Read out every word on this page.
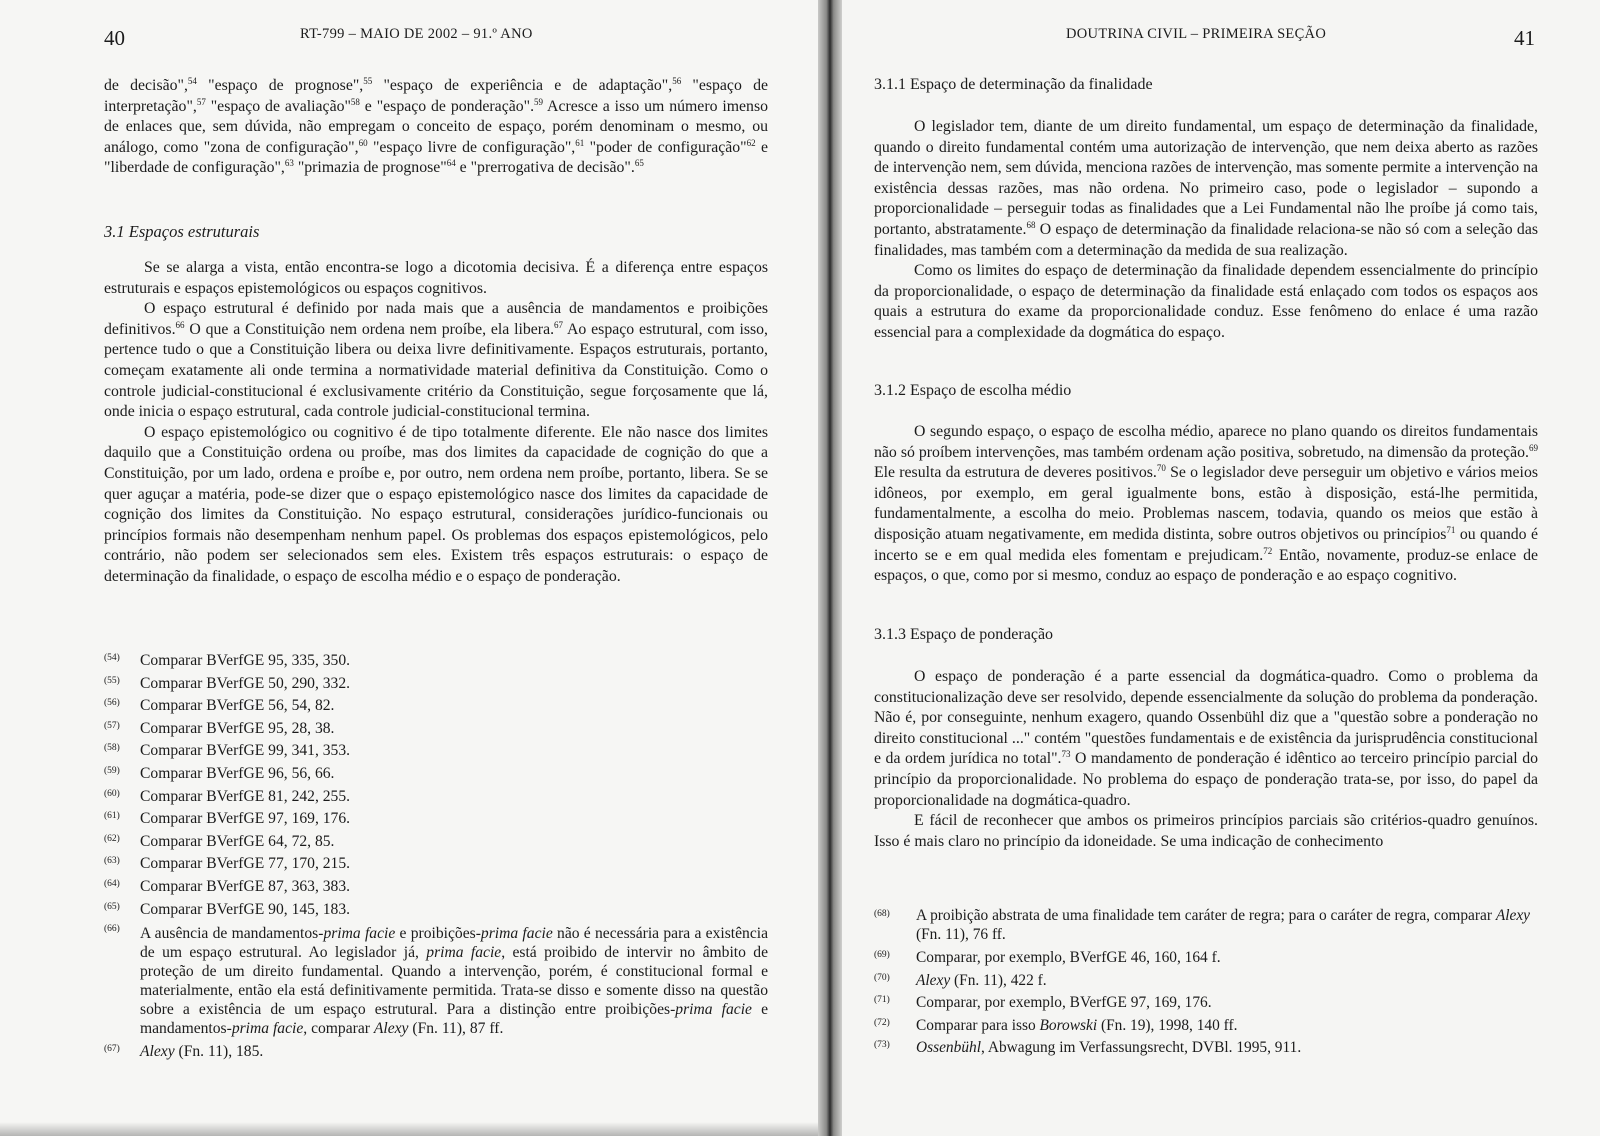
40	RT-799 – MAIO DE 2002 – 91.º ANO

de decisão",$^{54}$ "espaço de prognose",$^{55}$ "espaço de experiência e de adaptação",$^{56}$ "espaço de interpretação",$^{57}$ "espaço de avaliação"$^{58}$ e "espaço de ponderação".$^{59}$ Acresce a isso um número imenso de enlaces que, sem dúvida, não empregam o conceito de espaço, porém denominam o mesmo, ou análogo, como "zona de configuração",$^{60}$ "espaço livre de configuração",$^{61}$ "poder de configuração"$^{62}$ e "liberdade de configuração",$^{63}$ "primazia de prognose"$^{64}$ e "prerrogativa de decisão".$^{65}$

3.1 Espaços estruturais

Se se alarga a vista, então encontra-se logo a dicotomia decisiva. É a diferença entre espaços estruturais e espaços epistemológicos ou espaços cognitivos.

O espaço estrutural é definido por nada mais que a ausência de mandamentos e proibições definitivos.$^{66}$ O que a Constituição nem ordena nem proíbe, ela libera.$^{67}$ Ao espaço estrutural, com isso, pertence tudo o que a Constituição libera ou deixa livre definitivamente. Espaços estruturais, portanto, começam exatamente ali onde termina a normatividade material definitiva da Constituição. Como o controle judicial-constitucional é exclusivamente critério da Constituição, segue forçosamente que lá, onde inicia o espaço estrutural, cada controle judicial-constitucional termina.

O espaço epistemológico ou cognitivo é de tipo totalmente diferente. Ele não nasce dos limites daquilo que a Constituição ordena ou proíbe, mas dos limites da capacidade de cognição do que a Constituição, por um lado, ordena e proíbe e, por outro, nem ordena nem proíbe, portanto, libera. Se se quer aguçar a matéria, pode-se dizer que o espaço epistemológico nasce dos limites da capacidade de cognição dos limites da Constituição. No espaço estrutural, considerações jurídico-funcionais ou princípios formais não desempenham nenhum papel. Os problemas dos espaços epistemológicos, pelo contrário, não podem ser selecionados sem eles. Existem três espaços estruturais: o espaço de determinação da finalidade, o espaço de escolha médio e o espaço de ponderação.

(54)	Comparar BVerfGE 95, 335, 350.
(55)	Comparar BVerfGE 50, 290, 332.
(56)	Comparar BVerfGE 56, 54, 82.
(57)	Comparar BVerfGE 95, 28, 38.
(58)	Comparar BVerfGE 99, 341, 353.
(59)	Comparar BVerfGE 96, 56, 66.
(60)	Comparar BVerfGE 81, 242, 255.
(61)	Comparar BVerfGE 97, 169, 176.
(62)	Comparar BVerfGE 64, 72, 85.
(63)	Comparar BVerfGE 77, 170, 215.
(64)	Comparar BVerfGE 87, 363, 383.
(65)	Comparar BVerfGE 90, 145, 183.
(66)	A ausência de mandamentos-prima facie e proibições-prima facie não é necessária para a existência de um espaço estrutural. Ao legislador já, prima facie, está proibido de intervir no âmbito de proteção de um direito fundamental. Quando a intervenção, porém, é constitucional formal e materialmente, então ela está definitivamente permitida. Trata-se disso e somente disso na questão sobre a existência de um espaço estrutural. Para a distinção entre proibições-prima facie e mandamentos-prima facie, comparar Alexy (Fn. 11), 87 ff.
(67)	Alexy (Fn. 11), 185.
DOUTRINA CIVIL – PRIMEIRA SEÇÃO	41

3.1.1 Espaço de determinação da finalidade

O legislador tem, diante de um direito fundamental, um espaço de determinação da finalidade, quando o direito fundamental contém uma autorização de intervenção, que nem deixa aberto as razões de intervenção nem, sem dúvida, menciona razões de intervenção, mas somente permite a intervenção na existência dessas razões, mas não ordena. No primeiro caso, pode o legislador – supondo a proporcionalidade – perseguir todas as finalidades que a Lei Fundamental não lhe proíbe já como tais, portanto, abstratamente.$^{68}$ O espaço de determinação da finalidade relaciona-se não só com a seleção das finalidades, mas também com a determinação da medida de sua realização.

Como os limites do espaço de determinação da finalidade dependem essencialmente do princípio da proporcionalidade, o espaço de determinação da finalidade está enlaçado com todos os espaços aos quais a estrutura do exame da proporcionalidade conduz. Esse fenômeno do enlace é uma razão essencial para a complexidade da dogmática do espaço.

3.1.2 Espaço de escolha médio

O segundo espaço, o espaço de escolha médio, aparece no plano quando os direitos fundamentais não só proíbem intervenções, mas também ordenam ação positiva, sobretudo, na dimensão da proteção.$^{69}$ Ele resulta da estrutura de deveres positivos.$^{70}$ Se o legislador deve perseguir um objetivo e vários meios idôneos, por exemplo, em geral igualmente bons, estão à disposição, está-lhe permitida, fundamentalmente, a escolha do meio. Problemas nascem, todavia, quando os meios que estão à disposição atuam negativamente, em medida distinta, sobre outros objetivos ou princípios$^{71}$ ou quando é incerto se e em qual medida eles fomentam e prejudicam.$^{72}$ Então, novamente, produz-se enlace de espaços, o que, como por si mesmo, conduz ao espaço de ponderação e ao espaço cognitivo.

3.1.3 Espaço de ponderação

O espaço de ponderação é a parte essencial da dogmática-quadro. Como o problema da constitucionalização deve ser resolvido, depende essencialmente da solução do problema da ponderação. Não é, por conseguinte, nenhum exagero, quando Ossenbühl diz que a "questão sobre a ponderação no direito constitucional ..." contém "questões fundamentais e de existência da jurisprudência constitucional e da ordem jurídica no total".$^{73}$ O mandamento de ponderação é idêntico ao terceiro princípio parcial do princípio da proporcionalidade. No problema do espaço de ponderação trata-se, por isso, do papel da proporcionalidade na dogmática-quadro.

E fácil de reconhecer que ambos os primeiros princípios parciais são critérios-quadro genuínos. Isso é mais claro no princípio da idoneidade. Se uma indicação de conhecimento

(68)	A proibição abstrata de uma finalidade tem caráter de regra; para o caráter de regra, comparar Alexy (Fn. 11), 76 ff.
(69)	Comparar, por exemplo, BVerfGE 46, 160, 164 f.
(70)	Alexy (Fn. 11), 422 f.
(71)	Comparar, por exemplo, BVerfGE 97, 169, 176.
(72)	Comparar para isso Borowski (Fn. 19), 1998, 140 ff.
(73)	Ossenbühl, Abwagung im Verfassungsrecht, DVBl. 1995, 911.
